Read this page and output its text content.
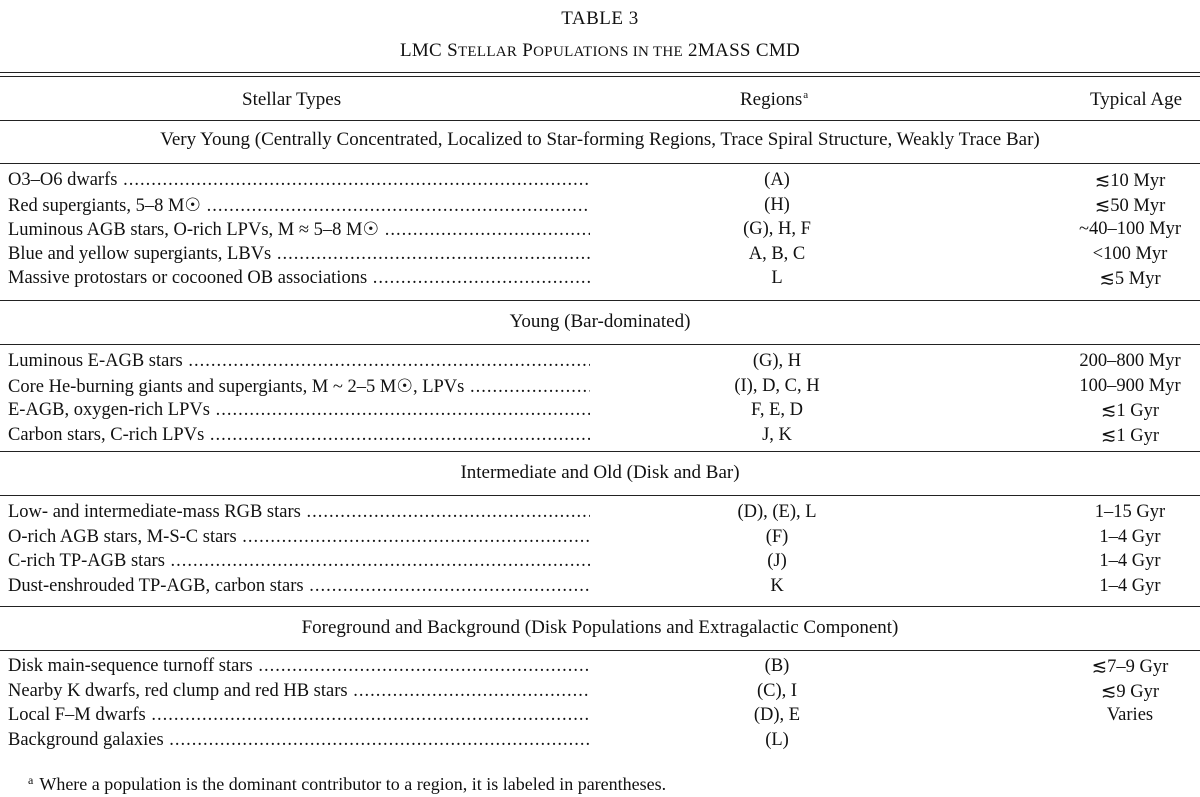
TABLE 3
LMC STELLAR POPULATIONS IN THE 2MASS CMD
Stellar Types	Regions$^a$	Typical Age
Very Young (Centrally Concentrated, Localized to Star-forming Regions, Trace Spiral Structure, Weakly Trace Bar)
O3–O6 dwarfs .....	(A)	≲10 Myr
Red supergiants, 5–8 M☉ .....	(H)	≲50 Myr
Luminous AGB stars, O-rich LPVs, M ≈ 5–8 M☉ .....	(G), H, F	~40–100 Myr
Blue and yellow supergiants, LBVs .....	A, B, C	<100 Myr
Massive protostars or cocooned OB associations .....	L	≲5 Myr
Young (Bar-dominated)
Luminous E-AGB stars .....	(G), H	200–800 Myr
Core He-burning giants and supergiants, M ~ 2–5 M☉, LPVs .....	(I), D, C, H	100–900 Myr
E-AGB, oxygen-rich LPVs .....	F, E, D	≲1 Gyr
Carbon stars, C-rich LPVs .....	J, K	≲1 Gyr
Intermediate and Old (Disk and Bar)
Low- and intermediate-mass RGB stars .....	(D), (E), L	1–15 Gyr
O-rich AGB stars, M-S-C stars .....	(F)	1–4 Gyr
C-rich TP-AGB stars .....	(J)	1–4 Gyr
Dust-enshrouded TP-AGB, carbon stars .....	K	1–4 Gyr
Foreground and Background (Disk Populations and Extragalactic Component)
Disk main-sequence turnoff stars .....	(B)	≲7–9 Gyr
Nearby K dwarfs, red clump and red HB stars .....	(C), I	≲9 Gyr
Local F–M dwarfs .....	(D), E	Varies
Background galaxies .....	(L)
$^a$ Where a population is the dominant contributor to a region, it is labeled in parentheses.
